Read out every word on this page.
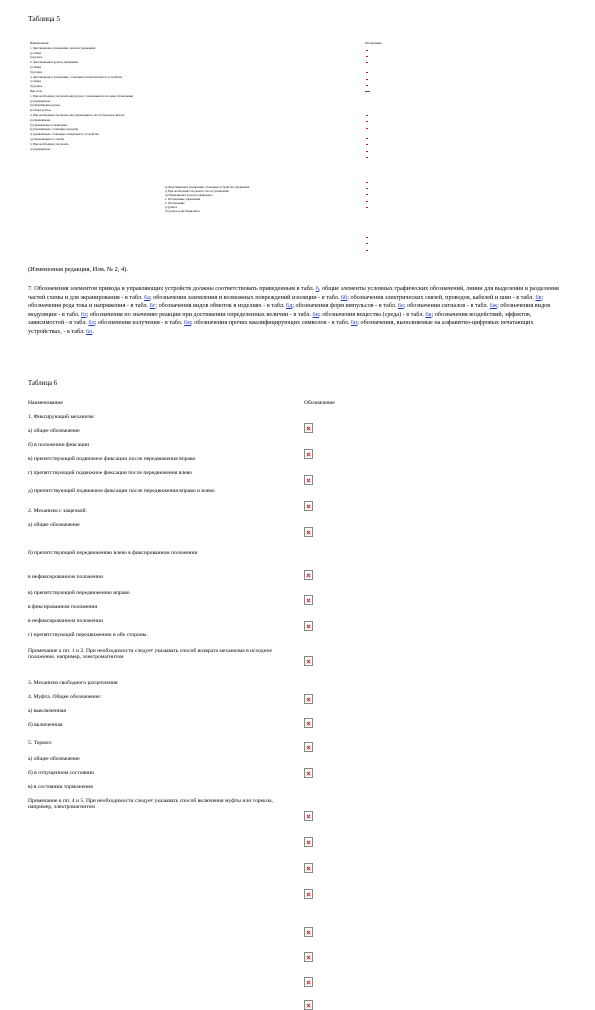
Таблица 5
Наименование
1. Дистанционное управление органом управления
а) общее
б) ручное
2. Дистанционное ручное управление
а) общее
б) ручное
3. Дистанционное управление с помощью вспомогательного устройства
а) общее
б) ручное
При этом
1. При необходимости указать вид ручного управления после знака обозначения
а) управляющее
б) управляющее ручное
в) общее ручное
2. При необходимости указать вид управления и способ передачи сигнала
а) управляющее
б) управляющее и приводное
в) управляющее с помощью передачи
г) управляющее с помощью специального устройства
д) управляющее по этапам
3. При необходимости указать
а) управляющее
Обозначение
в) Дистанционное управление с помощью устройства управления
г) При необходимости указать способ управления
д) Управляющее ручное и приводное
1. Обозначение управления
2. Обозначение
а) ручное
б) ручное и дистанционное
(Измененная редакция, Изм. № 2, 4).
7. Обозначения элементов привода и управляющих устройств должны соответствовать приведенным в табл. 6, общие элементы условных графических обозначений, линии для выделения и разделения частей схемы и для экранирования - в табл. 6а; обозначения заземления и возможных повреждений изоляции - в табл. 6б; обозначения электрических связей, проводов, кабелей и шин - в табл. 6в; обозначения рода тока и напряжения - в табл. 6г; обозначения видов обмоток в изделиях - в табл. 6д; обозначения форм импульсов - в табл. 6е; обозначения сигналов - в табл. 6ж; обозначения видов модуляции - в табл. 6з; обозначения по значению реакции при достижении определенных величин - в табл. 6и; обозначения вещества (среда) - в табл. 6к; обозначения воздействий, эффектов, зависимостей - в табл. 6л; обозначения излучения - в табл. 6м; обозначения прочих квалифицирующих символов - в табл. 6н; обозначения, выполняемые на алфавитно-цифровых печатающих устройствах, - в табл. 6о.
Таблица 6
Наименование	Обозначение
1. Фиксирующий механизм:
а) общее обозначение
б) в положении фиксации
в) препятствующий подвижное фиксации после передвижения вправо
г) препятствующий подвижное фиксации после передвижения влево
д) препятствующий подвижное фиксации после передвижения вправо и влево
2. Механизм с защелкой:
а) общее обозначение
б) препятствующий передвижению влево в фиксированном положении
в нефиксированном положении
в) препятствующий передвижению вправо
в фиксированном положении
в нефиксированном положении
г) препятствующий передвижению в обе стороны.
Примечание к пп. 1 и 2. При необходимости следует указывать способ возврата механизма в исходное положение, например, электромагнитом
3. Механизм свободного расцепления
4. Муфта. Общее обозначение:
а) выключенная
б) включенная
5. Тормоз:
а) общее обозначение
б) в отпущенном состоянии
в) в состоянии торможения
Примечание к пп. 4 и 5. При необходимости следует указывать способ включения муфты или тормоза, например, электромагнитом
